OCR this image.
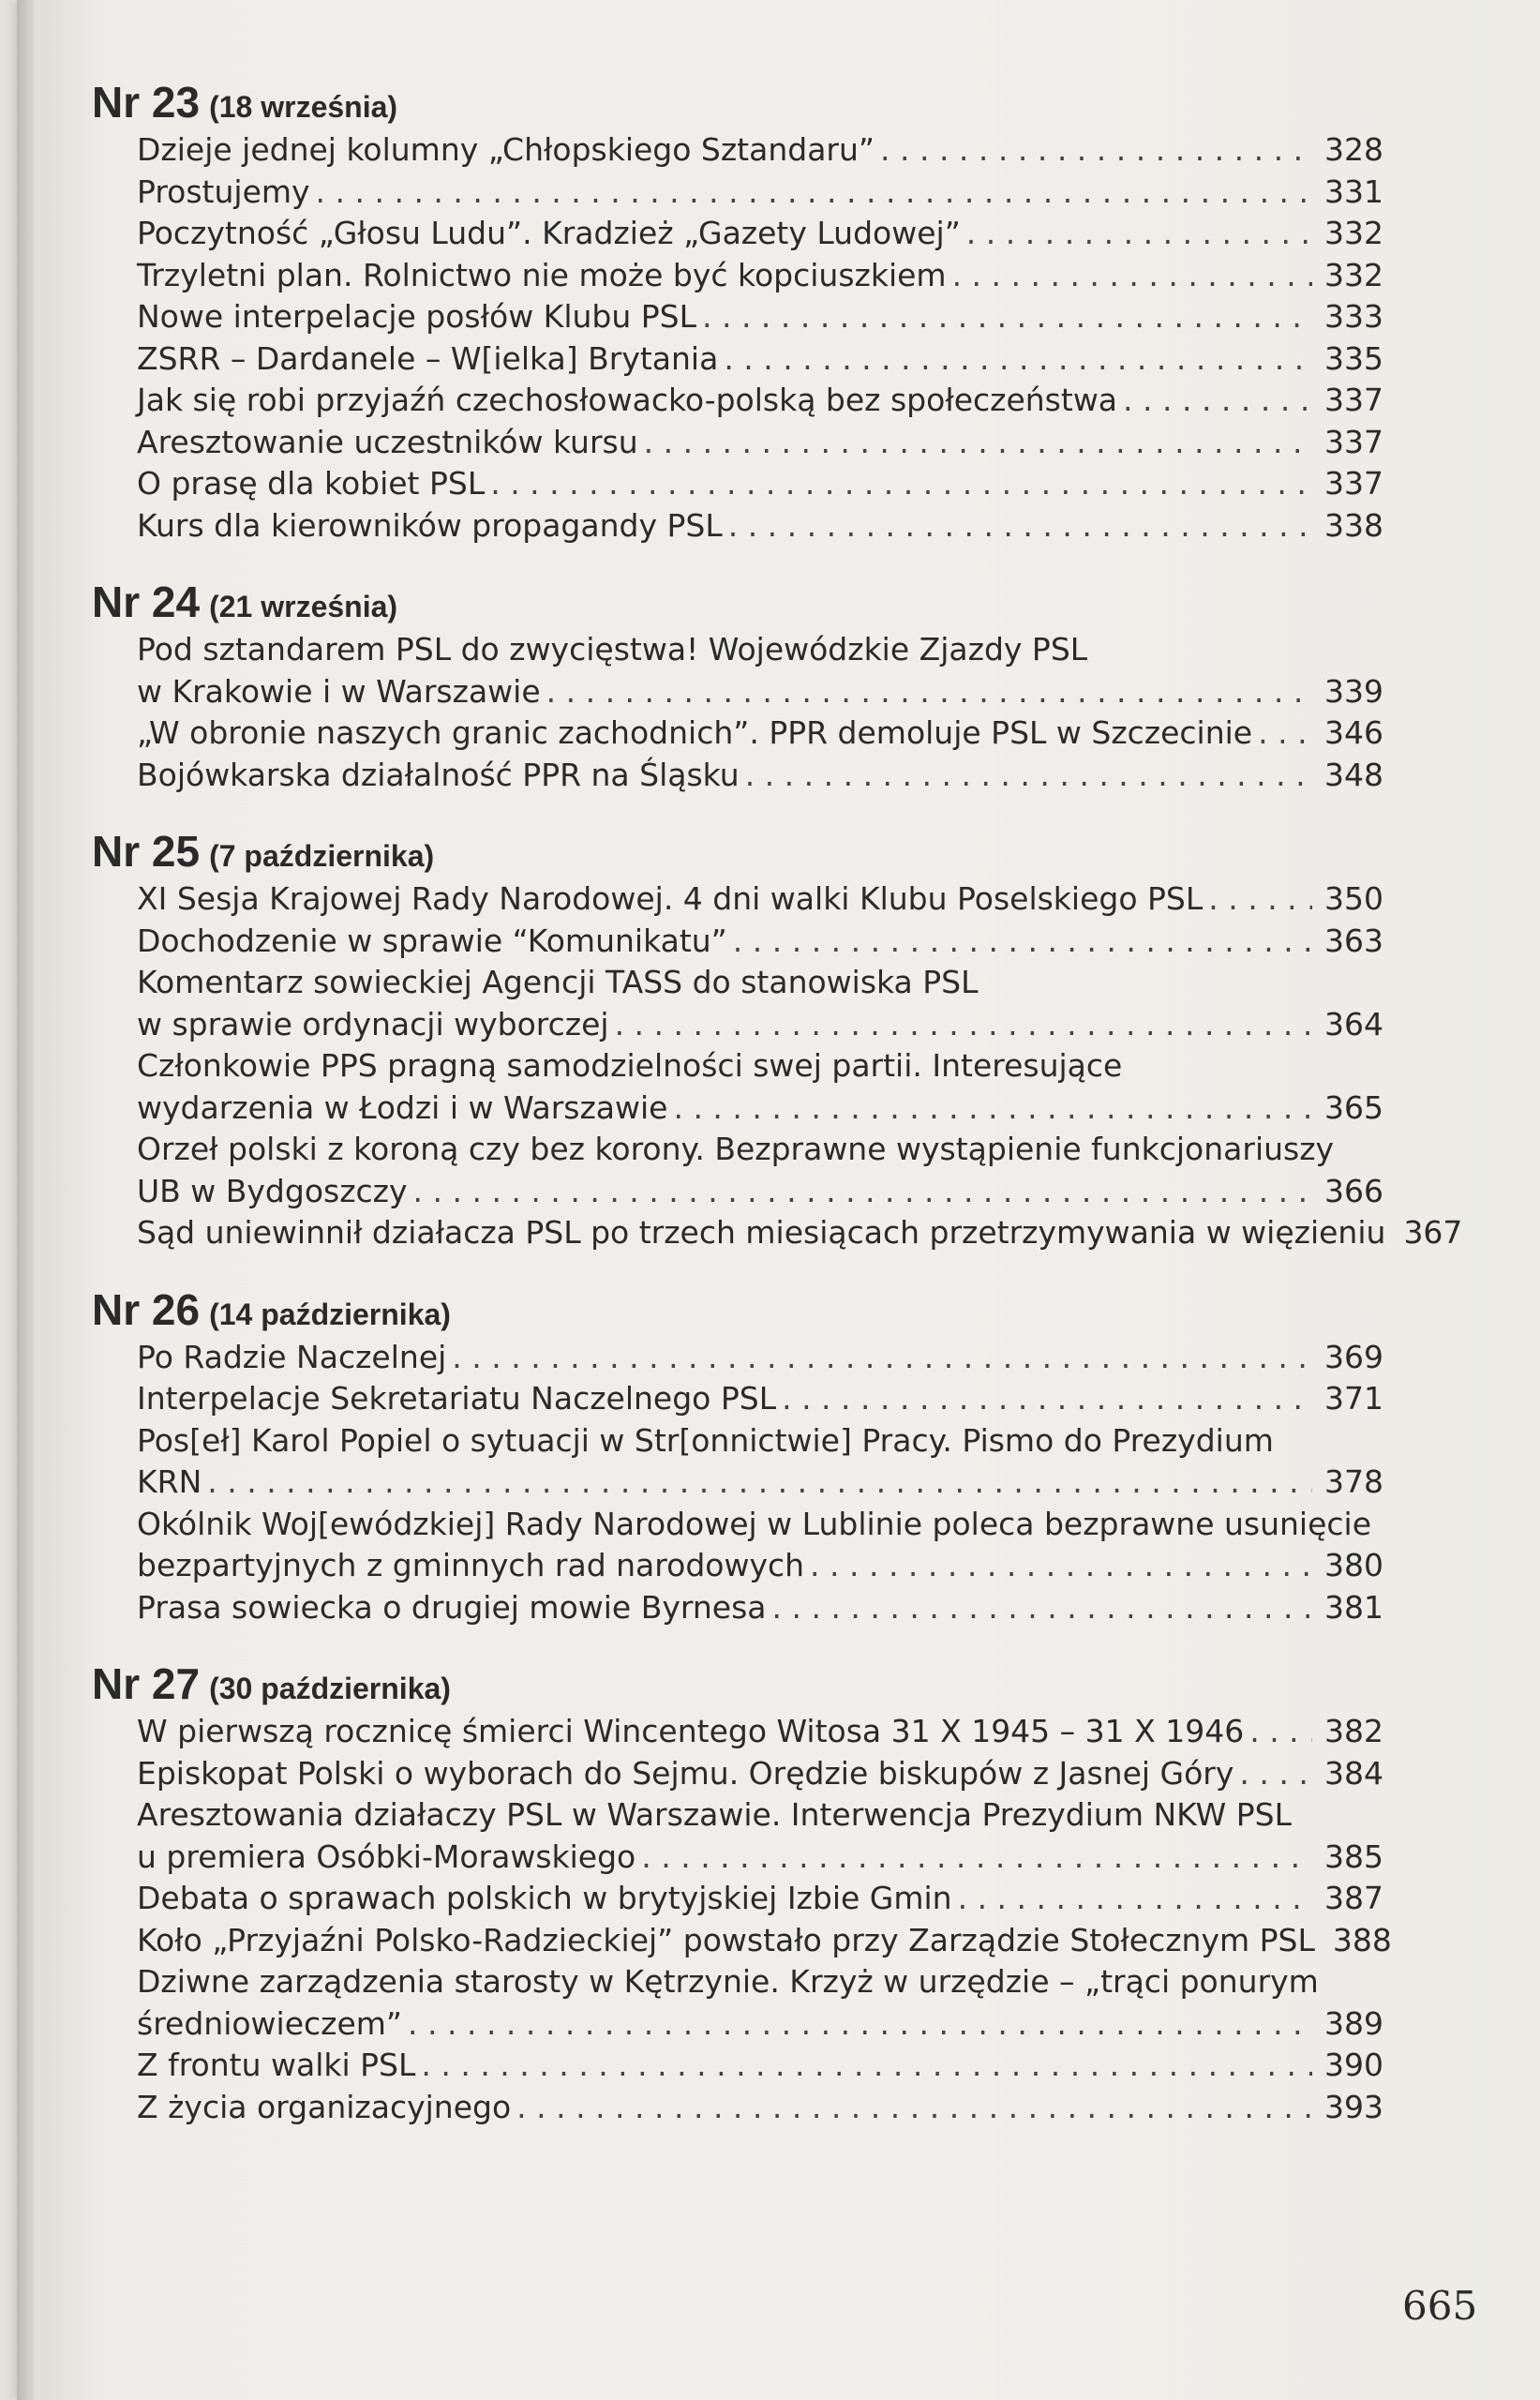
Nr 23 (18 września)
Dzieje jednej kolumny „Chłopskiego Sztandaru” . . .	328
Prostujemy . . .	331
Poczytność „Głosu Ludu”. Kradzież „Gazety Ludowej” . . .	332
Trzyletni plan. Rolnictwo nie może być kopciuszkiem . . .	332
Nowe interpelacje posłów Klubu PSL . . .	333
ZSRR – Dardanele – W[ielka] Brytania . . .	335
Jak się robi przyjaźń czechosłowacko-polską bez społeczeństwa . . .	337
Aresztowanie uczestników kursu . . .	337
O prasę dla kobiet PSL . . .	337
Kurs dla kierowników propagandy PSL . . .	338
Nr 24 (21 września)
Pod sztandarem PSL do zwycięstwa! Wojewódzkie Zjazdy PSL
w Krakowie i w Warszawie . . .	339
„W obronie naszych granic zachodnich”. PPR demoluje PSL w Szczecinie . . . 346
Bojówkarska działalność PPR na Śląsku . . .	348
Nr 25 (7 października)
XI Sesja Krajowej Rady Narodowej. 4 dni walki Klubu Poselskiego PSL . . .	350
Dochodzenie w sprawie “Komunikatu” . . .	363
Komentarz sowieckiej Agencji TASS do stanowiska PSL
w sprawie ordynacji wyborczej . . .	364
Członkowie PPS pragną samodzielności swej partii. Interesujące
wydarzenia w Łodzi i w Warszawie . . .	365
Orzeł polski z koroną czy bez korony. Bezprawne wystąpienie funkcjonariuszy
UB w Bydgoszczy . . .	366
Sąd uniewinnił działacza PSL po trzech miesiącach przetrzymywania w więzieniu 367
Nr 26 (14 października)
Po Radzie Naczelnej . . .	369
Interpelacje Sekretariatu Naczelnego PSL . . .	371
Pos[eł] Karol Popiel o sytuacji w Str[onnictwie] Pracy. Pismo do Prezydium
KRN . . .	378
Okólnik Woj[ewódzkiej] Rady Narodowej w Lublinie poleca bezprawne usunięcie
bezpartyjnych z gminnych rad narodowych . . .	380
Prasa sowiecka o drugiej mowie Byrnesa . . .	381
Nr 27 (30 października)
W pierwszą rocznicę śmierci Wincentego Witosa 31 X 1945 – 31 X 1946 . . .	382
Episkopat Polski o wyborach do Sejmu. Orędzie biskupów z Jasnej Góry . . .	384
Aresztowania działaczy PSL w Warszawie. Interwencja Prezydium NKW PSL
u premiera Osóbki-Morawskiego . . .	385
Debata o sprawach polskich w brytyjskiej Izbie Gmin . . .	387
Koło „Przyjaźni Polsko-Radzieckiej” powstało przy Zarządzie Stołecznym PSL 388
Dziwne zarządzenia starosty w Kętrzynie. Krzyż w urzędzie – „trąci ponurym
średniowieczem” . . .	389
Z frontu walki PSL . . .	390
Z życia organizacyjnego . . .	393
665
